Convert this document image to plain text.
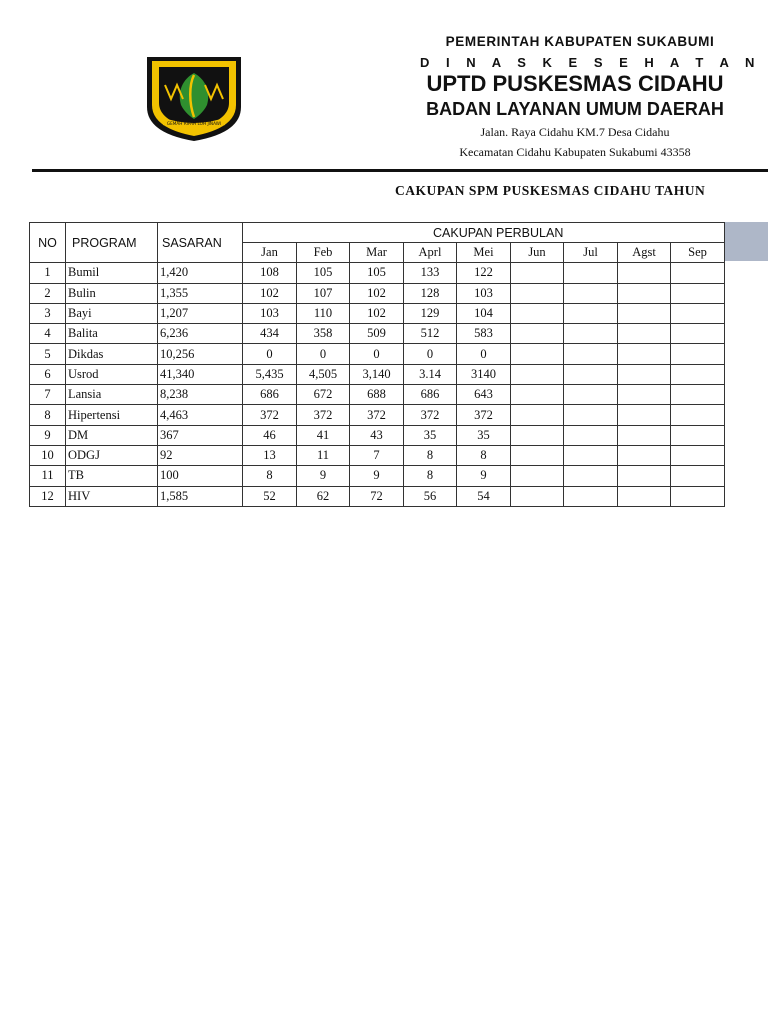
GEMAH RIPAH LOH JINAWI
PEMERINTAH KABUPATEN SUKABUMI
D I N A S K E S E H A T A N
UPTD PUSKESMAS CIDAHU
BADAN LAYANAN UMUM DAERAH
Jalan. Raya Cidahu KM.7 Desa Cidahu
Kecamatan Cidahu Kabupaten Sukabumi 43358
CAKUPAN SPM PUSKESMAS CIDAHU TAHUN
NO	PROGRAM	SASARAN	CAKUPAN PERBULAN								
			Jan	Feb	Mar	Aprl	Mei	Jun	Jul	Agst	Sep
1	Bumil	1,420	108	105	105	133	122				
2	Bulin	1,355	102	107	102	128	103				
3	Bayi	1,207	103	110	102	129	104				
4	Balita	6,236	434	358	509	512	583				
5	Dikdas	10,256	0	0	0	0	0				
6	Usrod	41,340	5,435	4,505	3,140	3.14	3140				
7	Lansia	8,238	686	672	688	686	643				
8	Hipertensi	4,463	372	372	372	372	372				
9	DM	367	46	41	43	35	35				
10	ODGJ	92	13	11	7	8	8				
11	TB	100	8	9	9	8	9				
12	HIV	1,585	52	62	72	56	54				
